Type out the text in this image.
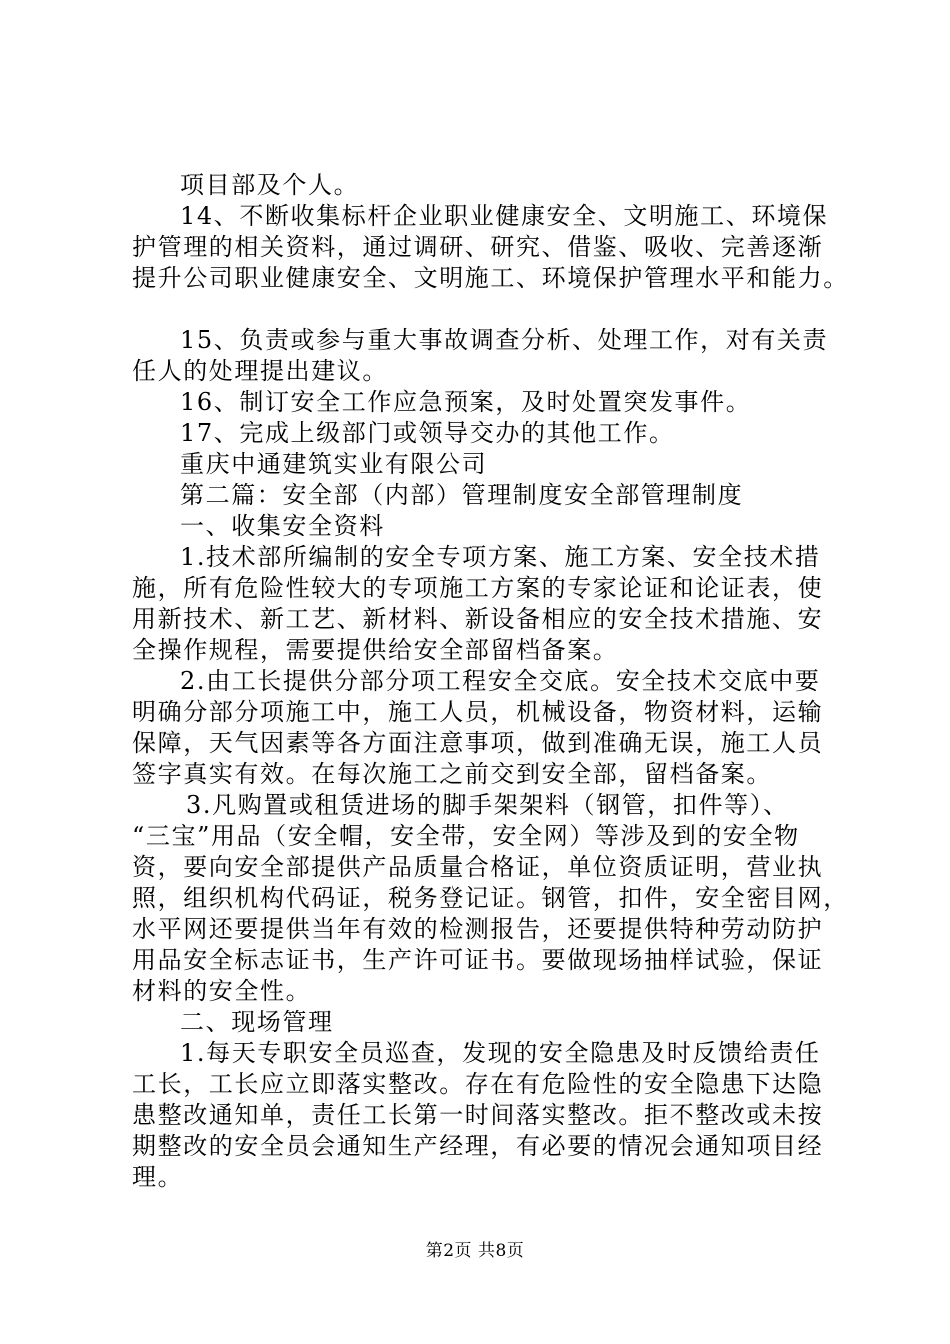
项目部及个人。
14、不断收集标杆企业职业健康安全、文明施工、环境保
护管理的相关资料，通过调研、研究、借鉴、吸收、完善逐渐
提升公司职业健康安全、文明施工、环境保护管理水平和能力。
15、负责或参与重大事故调查分析、处理工作，对有关责
任人的处理提出建议。
16、制订安全工作应急预案，及时处置突发事件。
17、完成上级部门或领导交办的其他工作。
重庆中通建筑实业有限公司
第二篇：安全部（内部）管理制度安全部管理制度
一、收集安全资料
1.技术部所编制的安全专项方案、施工方案、安全技术措
施，所有危险性较大的专项施工方案的专家论证和论证表，使
用新技术、新工艺、新材料、新设备相应的安全技术措施、安
全操作规程，需要提供给安全部留档备案。
2.由工长提供分部分项工程安全交底。安全技术交底中要
明确分部分项施工中，施工人员，机械设备，物资材料，运输
保障，天气因素等各方面注意事项，做到准确无误，施工人员
签字真实有效。在每次施工之前交到安全部，留档备案。
3.凡购置或租赁进场的脚手架架料（钢管，扣件等）、
“三宝”用品（安全帽，安全带，安全网）等涉及到的安全物
资，要向安全部提供产品质量合格证，单位资质证明，营业执
照，组织机构代码证，税务登记证。钢管，扣件，安全密目网，
水平网还要提供当年有效的检测报告，还要提供特种劳动防护
用品安全标志证书，生产许可证书。要做现场抽样试验，保证
材料的安全性。
二、现场管理
1.每天专职安全员巡查，发现的安全隐患及时反馈给责任
工长，工长应立即落实整改。存在有危险性的安全隐患下达隐
患整改通知单，责任工长第一时间落实整改。拒不整改或未按
期整改的安全员会通知生产经理，有必要的情况会通知项目经
理。
第2页 共8页
